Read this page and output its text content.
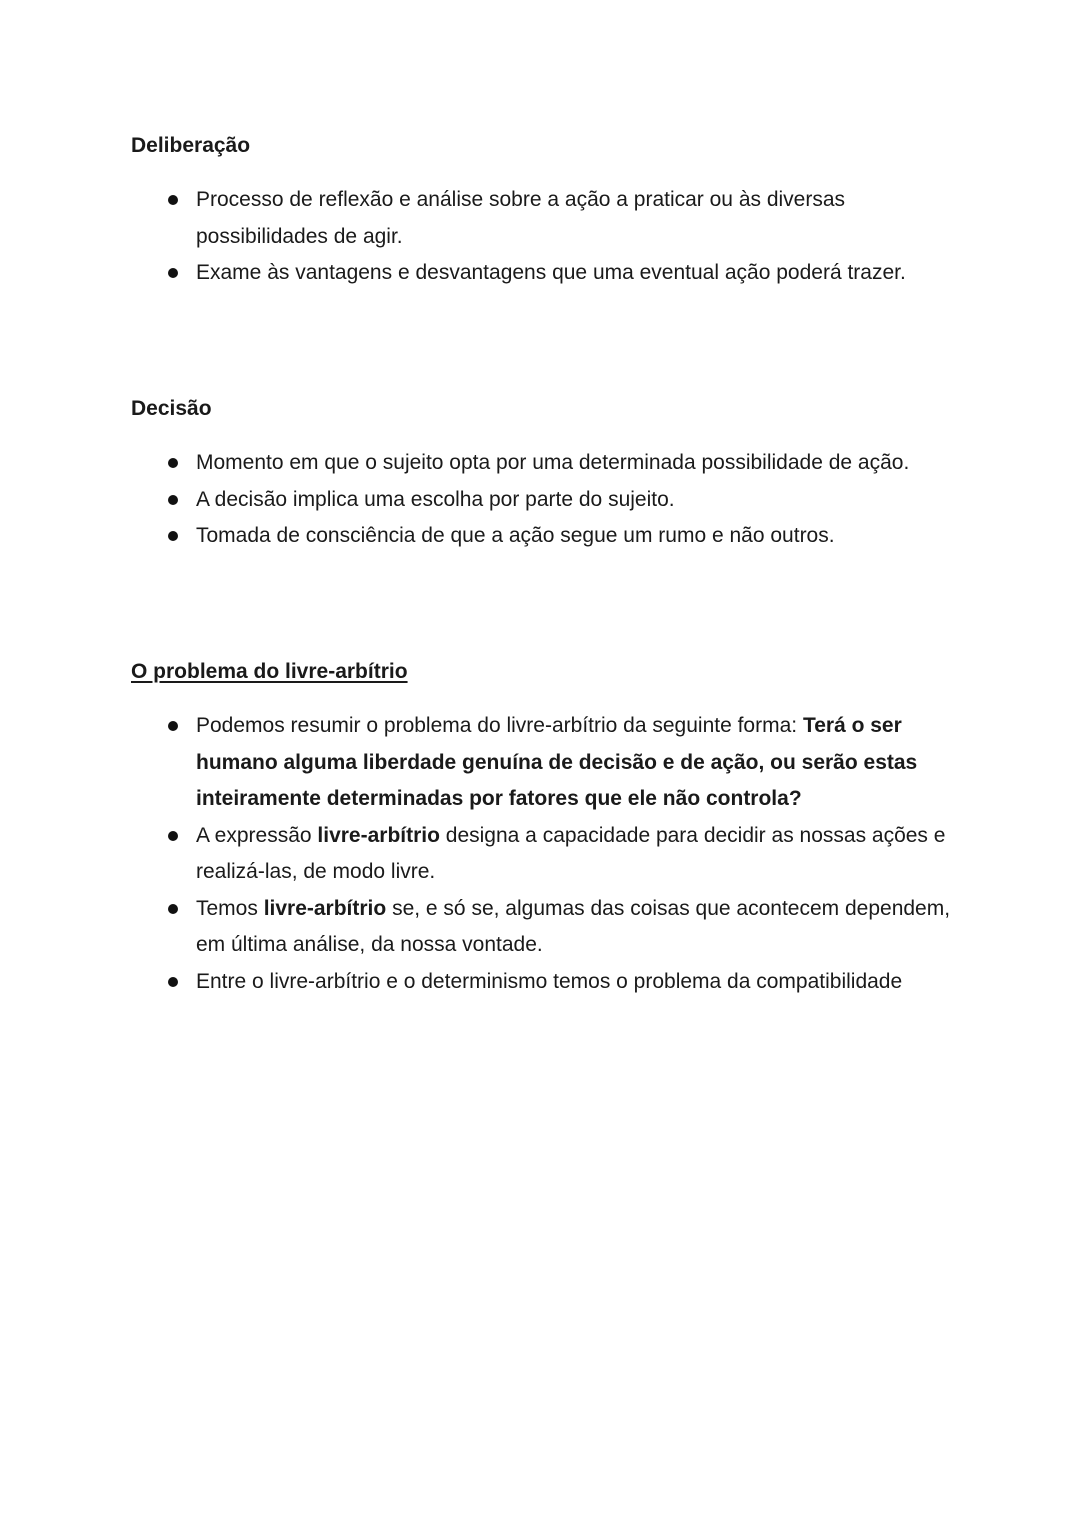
Deliberação
Processo de reflexão e análise sobre a ação a praticar ou às diversas possibilidades de agir.
Exame às vantagens e desvantagens que uma eventual ação poderá trazer.
Decisão
Momento em que o sujeito opta por uma determinada possibilidade de ação.
A decisão implica uma escolha por parte do sujeito.
Tomada de consciência de que a ação segue um rumo e não outros.
O problema do livre-arbítrio
Podemos resumir o problema do livre-arbítrio da seguinte forma: Terá o ser humano alguma liberdade genuína de decisão e de ação, ou serão estas inteiramente determinadas por fatores que ele não controla?
A expressão livre-arbítrio designa a capacidade para decidir as nossas ações e realizá-las, de modo livre.
Temos livre-arbítrio se, e só se, algumas das coisas que acontecem dependem, em última análise, da nossa vontade.
Entre o livre-arbítrio e o determinismo temos o problema da compatibilidade
